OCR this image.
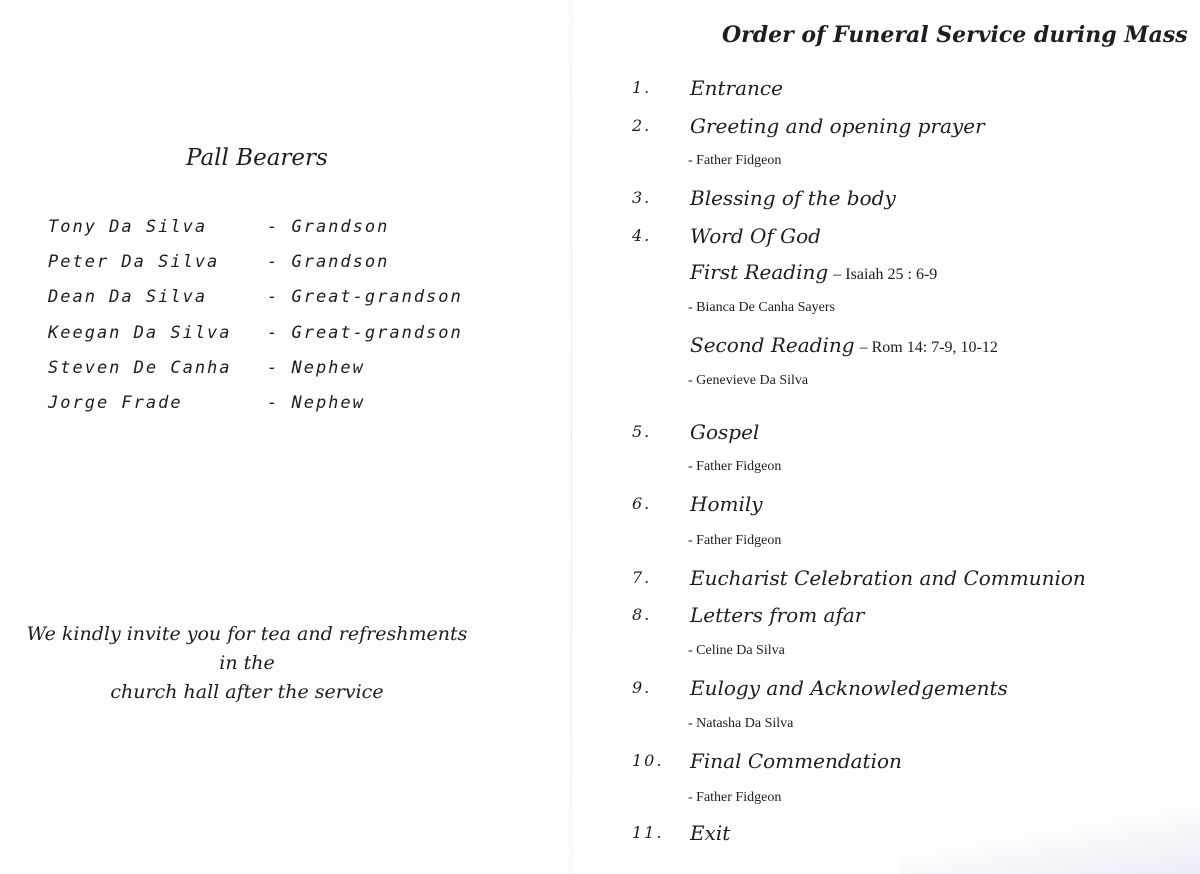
Pall Bearers
Tony Da Silva	- Grandson
Peter Da Silva	- Grandson
Dean Da Silva	- Great-grandson
Keegan Da Silva	- Great-grandson
Steven De Canha	- Nephew
Jorge Frade	- Nephew
We kindly invite you for tea and refreshments in the
church hall after the service
Order of Funeral Service during Mass
1. Entrance
2. Greeting and opening prayer
- Father Fidgeon
3. Blessing of the body
4. Word Of God
First Reading – Isaiah 25 : 6-9
- Bianca De Canha Sayers
Second Reading – Rom 14: 7-9, 10-12
- Genevieve Da Silva
5. Gospel
- Father Fidgeon
6. Homily
- Father Fidgeon
7. Eucharist Celebration and Communion
8. Letters from afar
- Celine Da Silva
9. Eulogy and Acknowledgements
- Natasha Da Silva
10. Final Commendation
- Father Fidgeon
11. Exit
